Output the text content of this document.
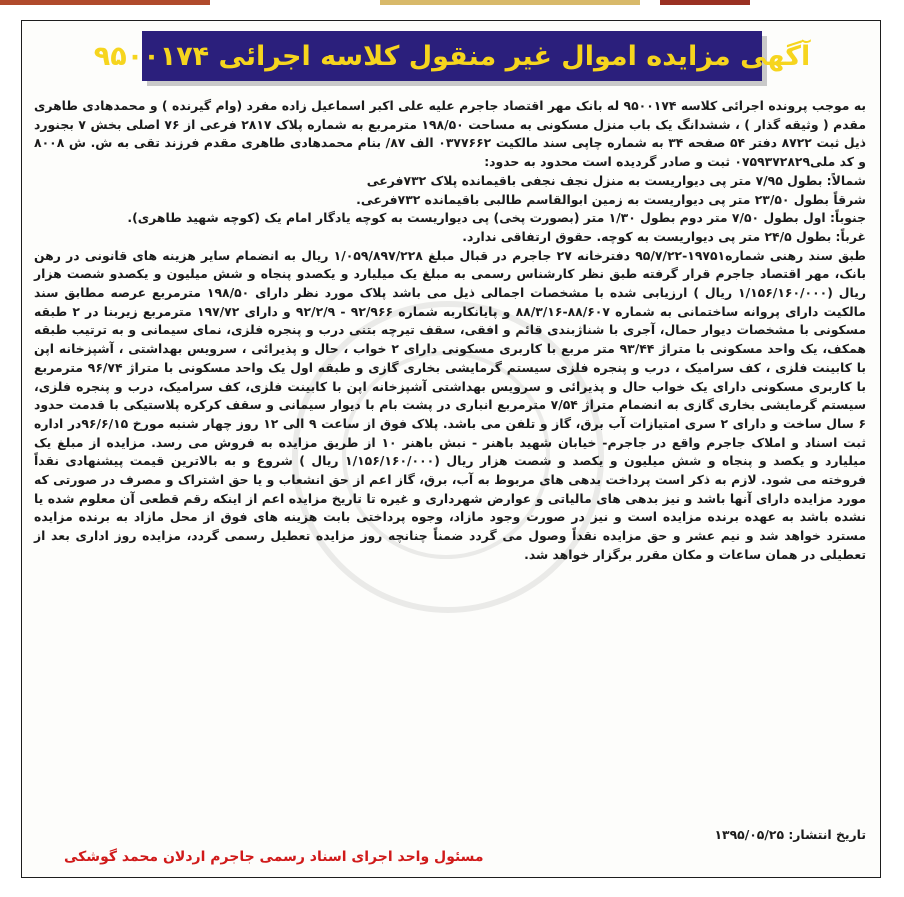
آگهی مزایده اموال غیر منقول کلاسه اجرائی ۹۵۰۰۱۷۴

به موجب پرونده اجرائی کلاسه ۹۵۰۰۱۷۴ له بانک مهر اقتصاد جاجرم علیه علی اکبر اسماعیل زاده مفرد (وام گیرنده ) و محمدهادی طاهری مقدم ( وثیقه گذار ) ، ششدانگ یک باب منزل مسکونی به مساحت ۱۹۸/۵۰ مترمربع به شماره پلاک ۲۸۱۷ فرعی از ۷۶ اصلی بخش ۷ بجنورد ذیل ثبت ۸۷۲۲ دفتر ۵۴ صفحه ۳۴ به شماره چاپی سند مالکیت ۰۳۷۷۶۶۲ الف ۸۷/ بنام محمدهادی طاهری مقدم فرزند تقی به ش. ش ۸۰۰۸ و کد ملی۰۷۵۹۳۷۲۸۲۹ ثبت و صادر گردیده است محدود به حدود:

شمالاً: بطول ۷/۹۵ متر پی دیواریست به منزل نجف نجفی باقیمانده پلاک ۷۳۲فرعی

شرقاً بطول ۲۳/۵۰ متر پی دیواریست به زمین ابوالقاسم طالبی باقیمانده ۷۳۲فرعی.

جنوباً: اول بطول ۷/۵۰ متر دوم بطول ۱/۳۰ متر (بصورت پخی) پی دیواریست به کوچه یادگار امام یک (کوچه شهید طاهری).

غرباً: بطول ۲۴/۵ متر پی دیواریست به کوچه. حقوق ارتفاقی ندارد.

طبق سند رهنی شماره۱۹۷۵۱-۹۵/۷/۲۲ دفترخانه ۲۷ جاجرم در قبال مبلغ ۱/۰۵۹/۸۹۷/۲۲۸ ریال به انضمام سایر هزینه های قانونی در رهن بانک، مهر اقتصاد جاجرم قرار گرفته طبق نظر کارشناس رسمی به مبلغ یک میلیارد و یکصدو پنجاه و شش میلیون و یکصدو شصت هزار ریال (۱/۱۵۶/۱۶۰/۰۰۰ ریال ) ارزیابی شده با مشخصات اجمالی ذیل می باشد پلاک مورد نظر دارای ۱۹۸/۵۰ مترمربع عرصه مطابق سند مالکیت دارای پروانه ساختمانی به شماره ۸۸/۶۰۷-۸۸/۳/۱۶ و پایانکاربه شماره ۹۲/۹۶۶ - ۹۲/۲/۹ و دارای ۱۹۷/۷۲ مترمربع زیربنا در ۲ طبقه مسکونی با مشخصات دیوار حمال، آجری با شناژبندی قائم و افقی، سقف تیرچه بتنی درب و پنجره فلزی، نمای سیمانی و به ترتیب طبقه همکف، یک واحد مسکونی با متراژ ۹۳/۴۴ متر مربع با کاربری مسکونی دارای ۲ خواب ، حال و پذیرائی ، سرویس بهداشتی ، آشپزخانه اپن با کابینت فلزی ، کف سرامیک ، درب و پنجره فلزی سیستم گرمایشی بخاری گازی و طبقه اول یک واحد مسکونی با متراژ ۹۶/۷۴ مترمربع با کاربری مسکونی دارای یک خواب حال و پذیرائی و سرویس بهداشتی آشپزخانه اپن با کابینت فلزی، کف سرامیک، درب و پنجره فلزی، سیستم گرمایشی بخاری گازی به انضمام متراژ ۷/۵۴ مترمربع انباری در پشت بام با دیوار سیمانی و سقف کرکره پلاستیکی با قدمت حدود ۶ سال ساخت و دارای ۲ سری امتیازات آب برق، گاز و تلفن می باشد. پلاک فوق از ساعت ۹ الی ۱۲ روز چهار شنبه مورخ ۹۶/۶/۱۵در اداره ثبت اسناد و املاک جاجرم واقع در جاجرم- خیابان شهید باهنر - نبش باهنر ۱۰ از طریق مزایده به فروش می رسد. مزایده از مبلغ یک میلیارد و یکصد و پنجاه و شش میلیون و یکصد و شصت هزار ریال (۱/۱۵۶/۱۶۰/۰۰۰ ریال ) شروع و به بالاترین قیمت پیشنهادی نقداً فروخته می شود. لازم به ذکر است پرداخت بدهی های مربوط به آب، برق، گاز اعم از حق انشعاب و یا حق اشتراک و مصرف در صورتی که مورد مزایده دارای آنها باشد و نیز بدهی های مالیاتی و عوارض شهرداری و غیره تا تاریخ مزایده اعم از اینکه رقم قطعی آن معلوم شده یا نشده باشد به عهده برنده مزایده است و نیز در صورت وجود مازاد، وجوه پرداختی بابت هزینه های فوق از محل مازاد به برنده مزایده مسترد خواهد شد و نیم عشر و حق مزایده نقداً وصول می گردد ضمناً چنانچه روز مزایده تعطیل رسمی گردد، مزایده روز اداری بعد از تعطیلی در همان ساعات و مکان مقرر برگزار خواهد شد.

تاریخ انتشار: ۱۳۹۵/۰۵/۲۵
مسئول واحد اجرای اسناد رسمی جاجرم اردلان محمد گوشکی
